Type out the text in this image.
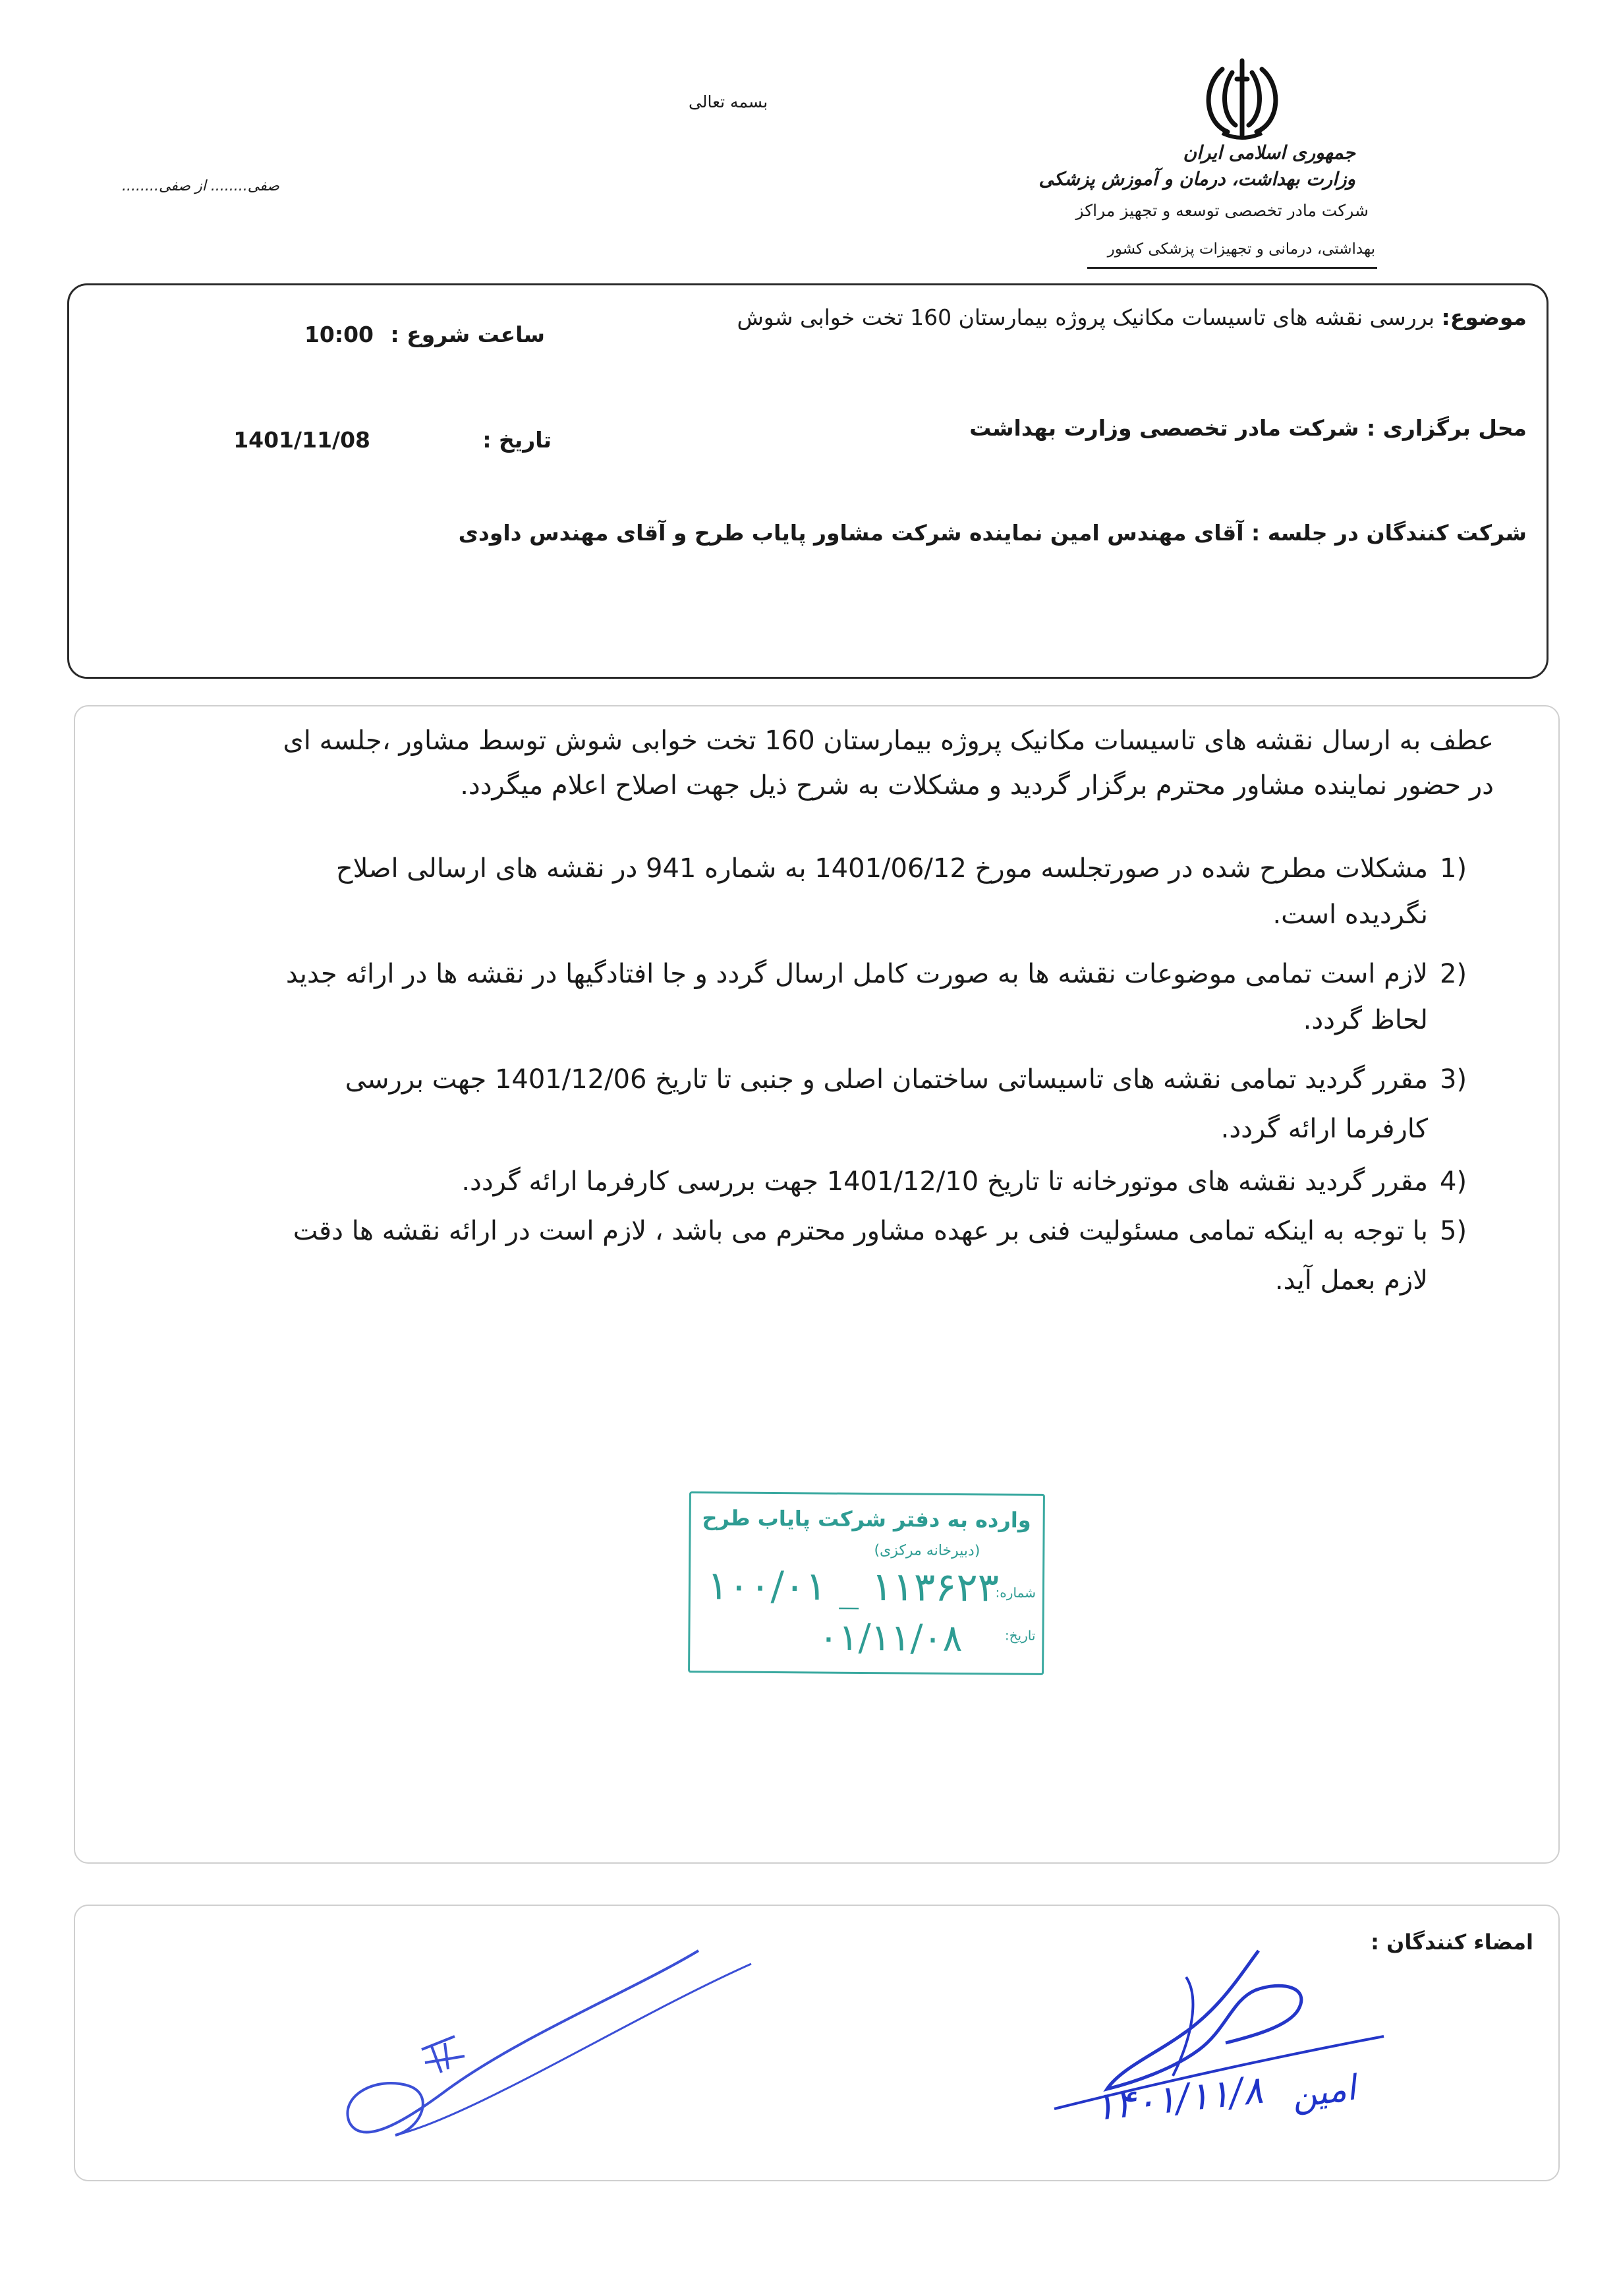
جمهوری اسلامی ایران
وزارت بهداشت، درمان و آموزش پزشکی
شرکت مادر تخصصی توسعه و تجهیز مراکز
بهداشتی، درمانی و تجهیزات پزشکی کشور
بسمه تعالی
صفی........ از صفی........
موضوع: بررسی نقشه های تاسیسات مکانیک پروژه بیمارستان 160 تخت خوابی شوش
ساعت شروع :
10:00
محل برگزاری : شرکت مادر تخصصی وزارت بهداشت
تاریخ :
1401/11/08
شرکت کنندگان در جلسه : آقای مهندس امین نماینده شرکت مشاور پایاب طرح و آقای مهندس داودی
عطف به ارسال نقشه های تاسیسات مکانیک پروژه بیمارستان 160 تخت خوابی شوش توسط مشاور ،جلسه ای
در حضور نماینده مشاور محترم برگزار گردید و مشکلات به شرح ذیل جهت اصلاح اعلام میگردد.
1)
مشکلات مطرح شده در صورتجلسه مورخ 1401/06/12 به شماره 941 در نقشه های ارسالی اصلاح
نگردیده است.
2)
لازم است تمامی موضوعات نقشه ها به صورت کامل ارسال گردد و جا افتادگیها در نقشه ها در ارائه جدید
لحاظ گردد.
3)
مقرر گردید تمامی نقشه های تاسیساتی ساختمان اصلی و جنبی تا تاریخ 1401/12/06 جهت بررسی
کارفرما ارائه گردد.
4)
مقرر گردید نقشه های موتورخانه تا تاریخ 1401/12/10 جهت بررسی کارفرما ارائه گردد.
5)
با توجه به اینکه تمامی مسئولیت فنی بر عهده مشاور محترم می باشد ، لازم است در ارائه نقشه ها دقت
لازم بعمل آید.
وارده به دفتر شرکت پایاب طرح
(دبیرخانه مرکزی)
شماره:
تاریخ:
۱۰۰/۰۱ _ ۱۱۳۶۲۳
۰۱/۱۱/۰۸
امضاء کنندگان :
۱۴۰۱/۱۱/۸ امین
